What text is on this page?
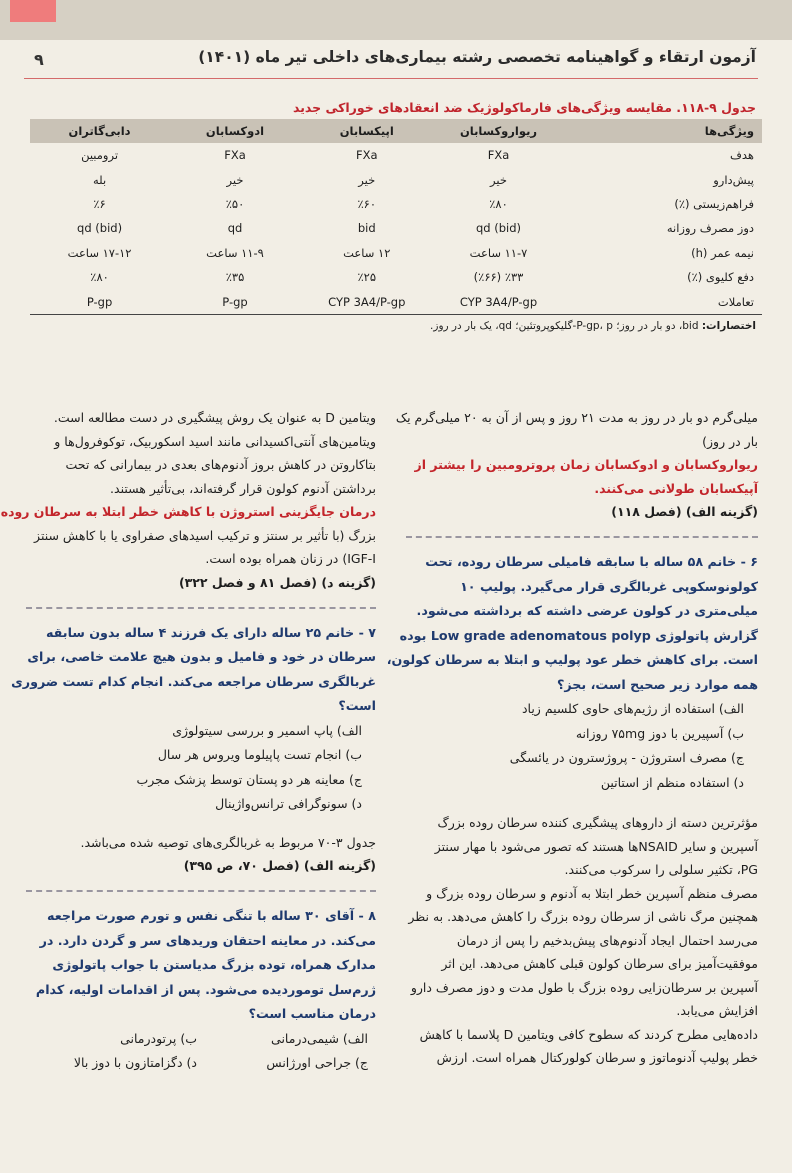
آزمون ارتقاء و گواهینامه تخصصی رشته بیماری‌های داخلی تیر ماه (۱۴۰۱)
۹
جدول ۹-۱۱۸. مقایسه ویژگی‌های فارماکولوژیک ضد انعقادهای خوراکی جدید
ویژگی‌ها	ریواروکسابان	اپیکسابان	ادوکسابان	دابی‌گاتران
هدف	FXa	FXa	FXa	ترومبین
پیش‌دارو	خیر	خیر	خیر	بله
فراهم‌زیستی (٪)	٪۸۰	٪۶۰	٪۵۰	٪۶
دوز مصرف روزانه	qd (bid)	bid	qd	qd (bid)
نیمه عمر (h)	۱۱-۷ ساعت	۱۲ ساعت	۱۱-۹ ساعت	۱۷-۱۲ ساعت
دفع کلیوی (٪)	٪۳۳ (٪۶۶)	٪۲۵	٪۳۵	٪۸۰
تعاملات	CYP 3A4/P-gp	CYP 3A4/P-gp	P-gp	P-gp
اختصارات: bid، دو بار در روز؛ P-gp، p-گلیکوپروتئین؛ qd، یک بار در روز.

میلی‌گرم دو بار در روز به مدت ۲۱ روز و پس از آن به ۲۰ میلی‌گرم یک

بار در روز)

ریواروکسابان و ادوکسابان زمان پروترومبین را بیشتر از

آپیکسابان طولانی می‌کنند.

(گزینه الف) (فصل ۱۱۸)

۶ - خانم ۵۸ ساله با سابقه فامیلی سرطان روده، تحت

کولونوسکوپی غربالگری قرار می‌گیرد. پولیپ ۱۰

میلی‌متری در کولون عرضی داشته که برداشته می‌شود.

گزارش پاتولوژی Low grade adenomatous polyp بوده

است. برای کاهش خطر عود پولیپ و ابتلا به سرطان کولون،

همه موارد زیر صحیح است، بجز؟

الف) استفاده از رژیم‌های حاوی کلسیم زیاد

ب) آسپیرین با دوز ۷۵mg روزانه

ج) مصرف استروژن - پروژسترون در یائسگی

د) استفاده منظم از استاتین

مؤثرترین دسته از داروهای پیشگیری کننده سرطان روده بزرگ

آسپرین و سایر NSAIDها هستند که تصور می‌شود با مهار سنتز

PG، تکثیر سلولی را سرکوب می‌کنند.

مصرف منظم آسپرین خطر ابتلا به آدنوم و سرطان روده بزرگ و

همچنین مرگ ناشی از سرطان روده بزرگ را کاهش می‌دهد. به نظر

می‌رسد احتمال ایجاد آدنوم‌های پیش‌بدخیم را پس از درمان

موفقیت‌آمیز برای سرطان کولون قبلی کاهش می‌دهد. این اثر

آسپرین بر سرطان‌زایی روده بزرگ با طول مدت و دوز مصرف دارو

افزایش می‌یابد.

داده‌هایی مطرح کردند که سطوح کافی ویتامین D پلاسما با کاهش

خطر پولیپ آدنوماتوز و سرطان کولورکتال همراه است. ارزش

ویتامین D به عنوان یک روش پیشگیری در دست مطالعه است.

ویتامین‌های آنتی‌اکسیدانی مانند اسید اسکوربیک، توکوفرول‌ها و

بتاکاروتن در کاهش بروز آدنوم‌های بعدی در بیمارانی که تحت

برداشتن آدنوم کولون قرار گرفته‌اند، بی‌تأثیر هستند.

درمان جایگزینی استروژن با کاهش خطر ابتلا به سرطان روده

بزرگ (با تأثیر بر سنتز و ترکیب اسیدهای صفراوی یا با کاهش سنتز

IGF-I) در زنان همراه بوده است.

(گزینه د) (فصل ۸۱ و فصل ۳۲۲)

۷ - خانم ۲۵ ساله دارای یک فرزند ۴ ساله بدون سابقه

سرطان در خود و فامیل و بدون هیچ علامت خاصی، برای

غربالگری سرطان مراجعه می‌کند. انجام کدام تست ضروری

است؟

الف) پاپ اسمیر و بررسی سیتولوژی

ب) انجام تست پاپیلوما ویروس هر سال

ج) معاینه هر دو پستان توسط پزشک مجرب

د) سونوگرافی ترانس‌واژینال

جدول ۳-۷۰ مربوط به غربالگری‌های توصیه شده می‌باشد.

(گزینه الف) (فصل ۷۰، ص ۳۹۵)

۸ - آقای ۳۰ ساله با تنگی نفس و تورم صورت مراجعه

می‌کند. در معاینه احتقان وریدهای سر و گردن دارد. در

مدارک همراه، توده بزرگ مدیاستن با جواب پاتولوژی

ژرم‌سل توموردیده می‌شود. پس از اقدامات اولیه، کدام

درمان مناسب است؟

الف) شیمی‌درمانی

ب) پرتودرمانی

ج) جراحی اورژانس

د) دگزامتازون با دوز بالا
